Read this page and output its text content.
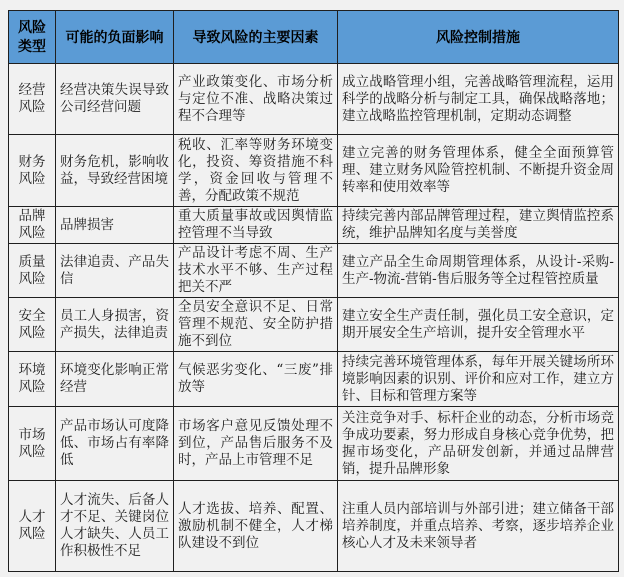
风险类型	可能的负面影响	导致风险的主要因素	风险控制措施
经营风险	经营决策失误导致公司经营问题	产业政策变化、市场分析与定位不准、战略决策过程不合理等	成立战略管理小组，完善战略管理流程，运用科学的战略分析与制定工具，确保战略落地；建立战略监控管理机制，定期动态调整
财务风险	财务危机，影响收益，导致经营困境	税收、汇率等财务环境变化，投资、筹资措施不科学，资金回收与管理不善，分配政策不规范	建立完善的财务管理体系，健全全面预算管理、建立财务风险管控机制、不断提升资金周转率和使用效率等
品牌风险	品牌损害	重大质量事故或因舆情监控管理不当导致	持续完善内部品牌管理过程，建立舆情监控系统，维护品牌知名度与美誉度
质量风险	法律追责、产品失信	产品设计考虑不周、生产技术水平不够、生产过程把关不严	建立产品全生命周期管理体系，从设计-采购-生产-物流-营销-售后服务等全过程管控质量
安全风险	员工人身损害，资产损失，法律追责	全员安全意识不足、日常管理不规范、安全防护措施不到位	建立安全生产责任制，强化员工安全意识，定期开展安全生产培训，提升安全管理水平
环境风险	环境变化影响正常经营	气候恶劣变化、“三废”排放等	持续完善环境管理体系，每年开展关键场所环境影响因素的识别、评价和应对工作，建立方针、目标和管理方案等
市场风险	产品市场认可度降低、市场占有率降低	市场客户意见反馈处理不到位，产品售后服务不及时，产品上市管理不足	关注竞争对手、标杆企业的动态，分析市场竞争成功要素，努力形成自身核心竞争优势，把握市场变化，产品研发创新，并通过品牌营销，提升品牌形象
人才风险	人才流失、后备人才不足、关键岗位人才缺失、人员工作积极性不足	人才选拔、培养、配置、激励机制不健全，人才梯队建设不到位	注重人员内部培训与外部引进；建立储备干部培养制度，并重点培养、考察，逐步培养企业核心人才及未来领导者
